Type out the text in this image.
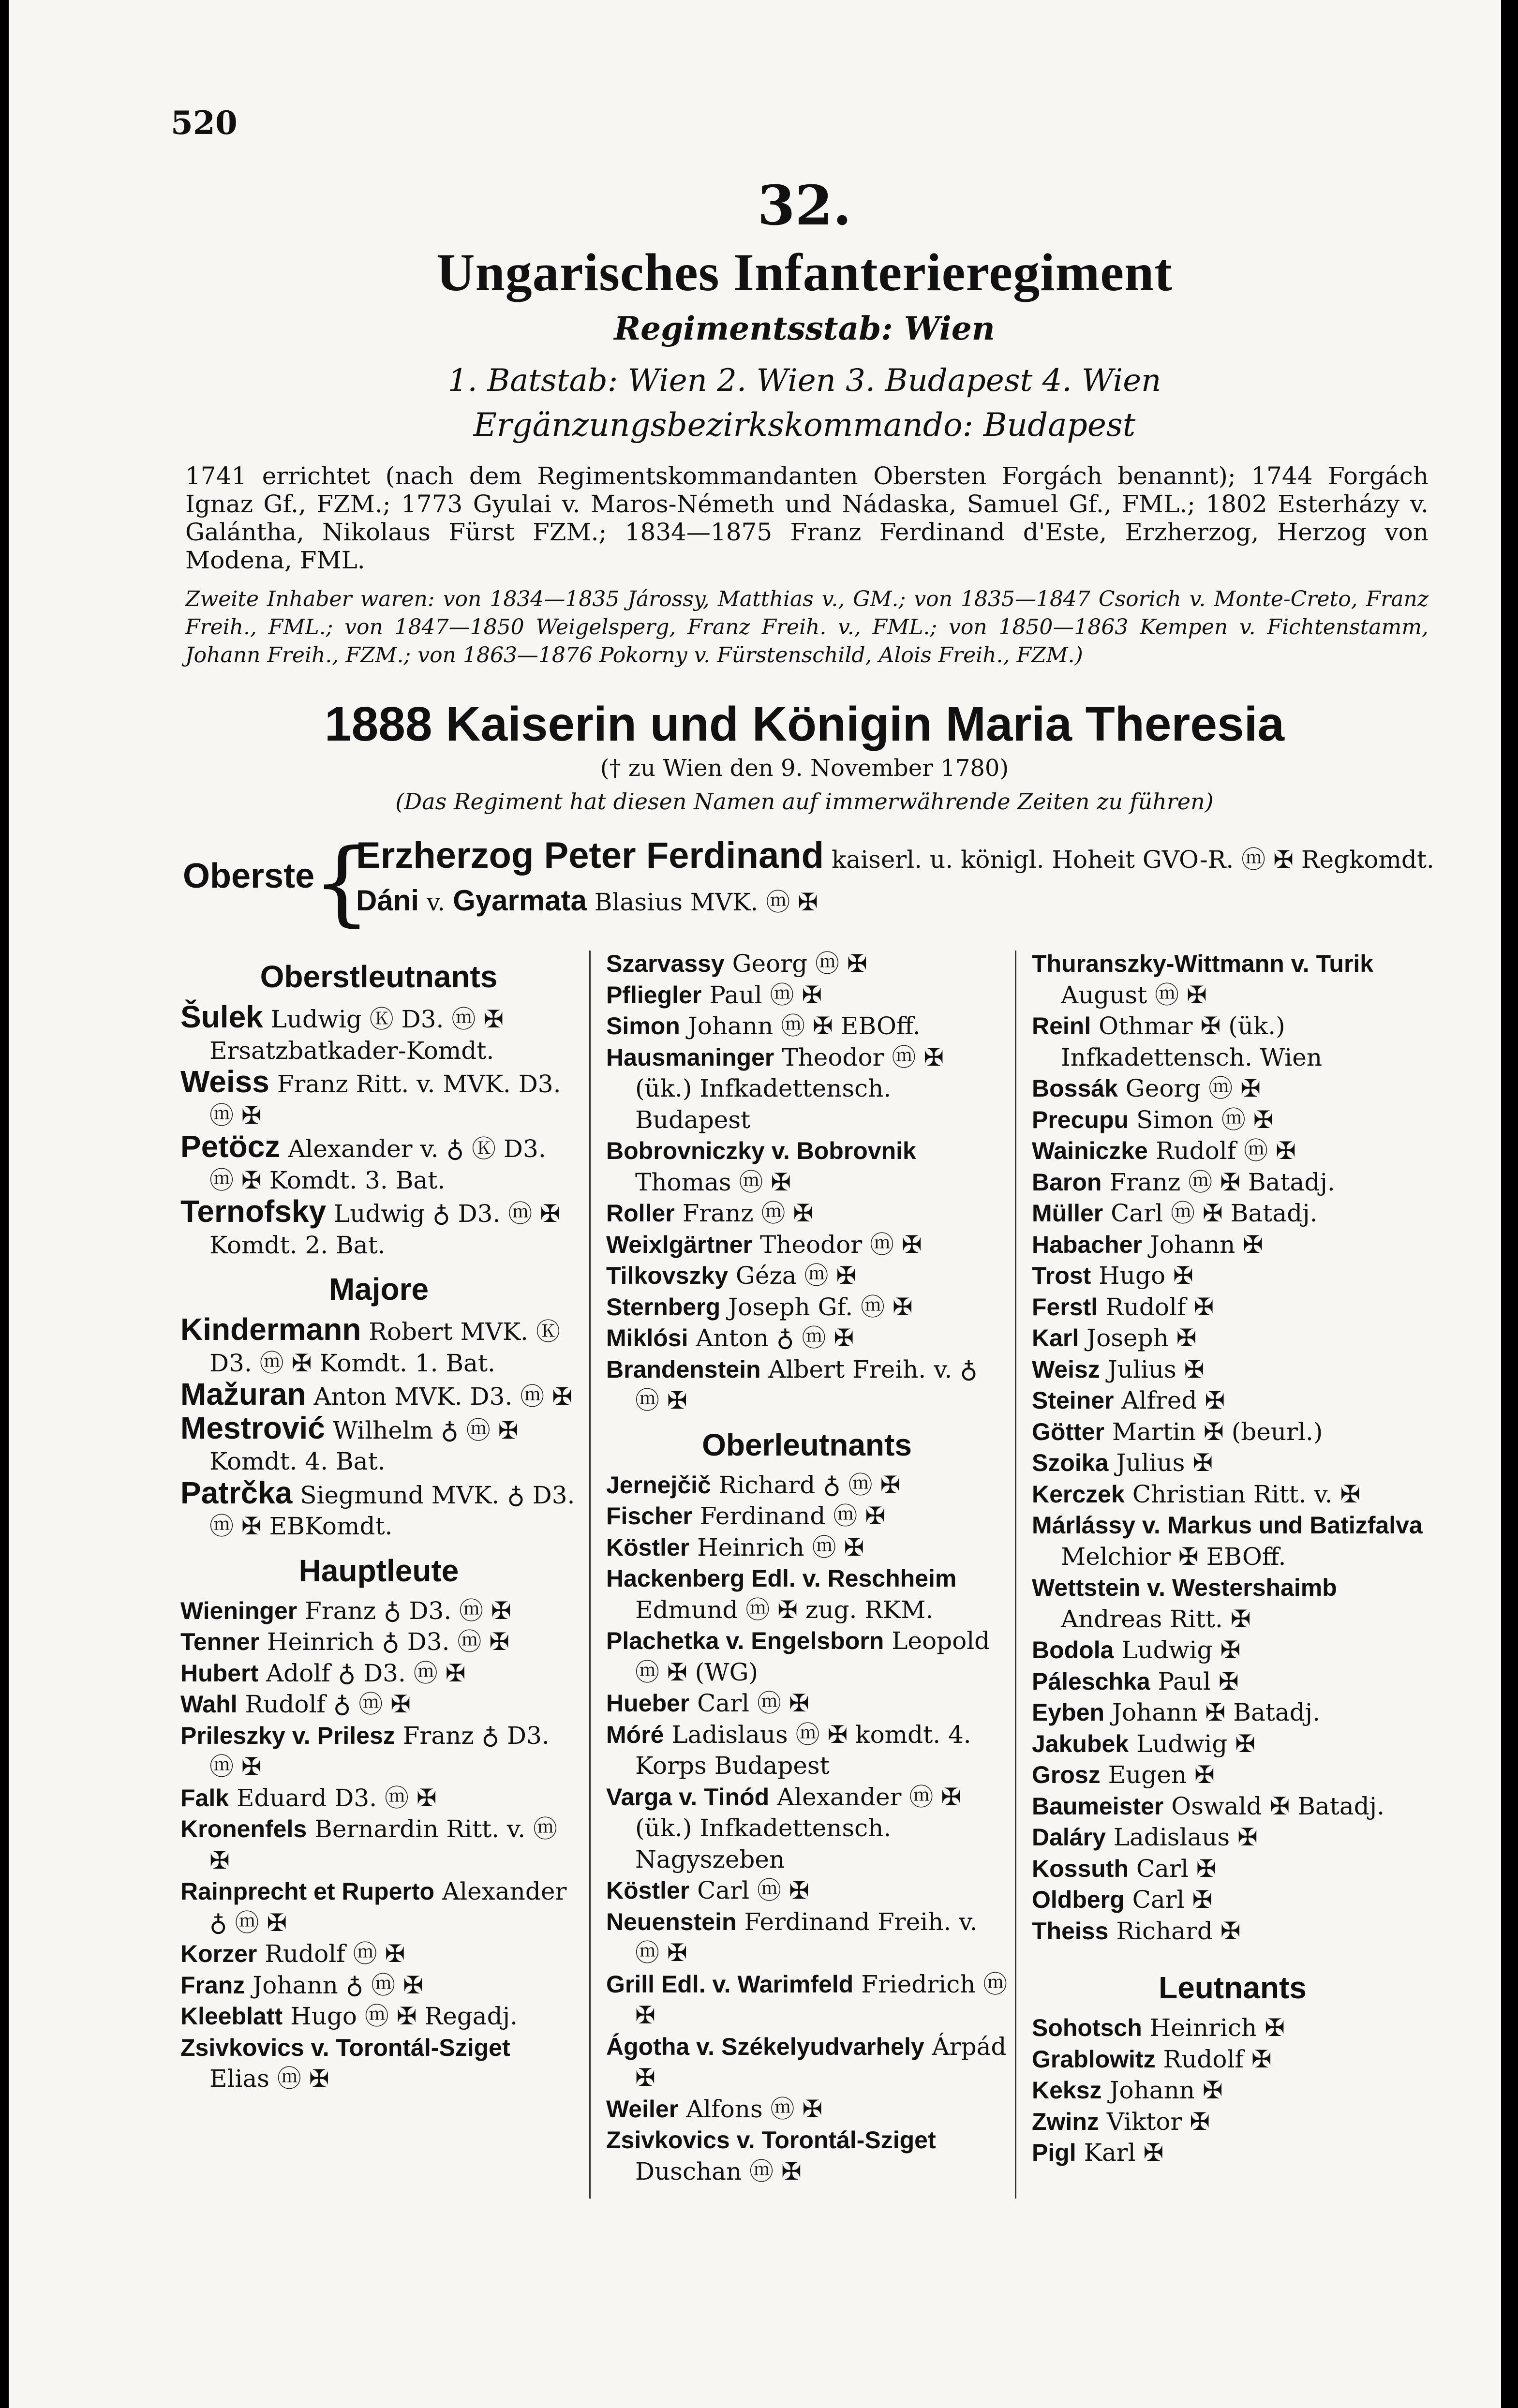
520
32.
Ungarisches Infanterieregiment
Regimentsstab: Wien
1. Batstab: Wien 2. Wien 3. Budapest 4. Wien
Ergänzungsbezirkskommando: Budapest
1741 errichtet (nach dem Regimentskommandanten Obersten Forgách benannt); 1744 Forgách Ignaz Gf., FZM.; 1773 Gyulai v. Maros-Németh und Nádaska, Samuel Gf., FML.; 1802 Esterházy v. Galántha, Nikolaus Fürst FZM.; 1834—1875 Franz Ferdinand d'Este, Erzherzog, Herzog von Modena, FML.
Zweite Inhaber waren: von 1834—1835 Járossy, Matthias v., GM.; von 1835—1847 Csorich v. Monte-Creto, Franz Freih., FML.; von 1847—1850 Weigelsperg, Franz Freih. v., FML.; von 1850—1863 Kempen v. Fichtenstamm, Johann Freih., FZM.; von 1863—1876 Pokorny v. Fürstenschild, Alois Freih., FZM.)
1888 Kaiserin und Königin Maria Theresia
(† zu Wien den 9. November 1780)
(Das Regiment hat diesen Namen auf immerwährende Zeiten zu führen)
Oberste
{
Erzherzog Peter Ferdinand kaiserl. u. königl. Hoheit GVO-R. ⓜ ✠ Regkomdt.
Dáni v. Gyarmata Blasius MVK. ⓜ ✠
Oberstleutnants

Šulek Ludwig Ⓚ D3. ⓜ ✠ Ersatzbatkader-Komdt.

Weiss Franz Ritt. v. MVK. D3. ⓜ ✠

Petöcz Alexander v. ♁ Ⓚ D3. ⓜ ✠ Komdt. 3. Bat.

Ternofsky Ludwig ♁ D3. ⓜ ✠ Komdt. 2. Bat.

Majore

Kindermann Robert MVK. Ⓚ D3. ⓜ ✠ Komdt. 1. Bat.

Mažuran Anton MVK. D3. ⓜ ✠

Mestrović Wilhelm ♁ ⓜ ✠ Komdt. 4. Bat.

Patrčka Siegmund MVK. ♁ D3. ⓜ ✠ EBKomdt.

Hauptleute

Wieninger Franz ♁ D3. ⓜ ✠

Tenner Heinrich ♁ D3. ⓜ ✠

Hubert Adolf ♁ D3. ⓜ ✠

Wahl Rudolf ♁ ⓜ ✠

Prileszky v. Prilesz Franz ♁ D3. ⓜ ✠

Falk Eduard D3. ⓜ ✠

Kronenfels Bernardin Ritt. v. ⓜ ✠

Rainprecht et Ruperto Alexander ♁ ⓜ ✠

Korzer Rudolf ⓜ ✠

Franz Johann ♁ ⓜ ✠

Kleeblatt Hugo ⓜ ✠ Regadj.

Zsivkovics v. Torontál-Sziget Elias ⓜ ✠

Szarvassy Georg ⓜ ✠

Pfliegler Paul ⓜ ✠

Simon Johann ⓜ ✠ EBOff.

Hausmaninger Theodor ⓜ ✠ (ük.) Infkadettensch. Budapest

Bobrovniczky v. Bobrovnik Thomas ⓜ ✠

Roller Franz ⓜ ✠

Weixlgärtner Theodor ⓜ ✠

Tilkovszky Géza ⓜ ✠

Sternberg Joseph Gf. ⓜ ✠

Miklósi Anton ♁ ⓜ ✠

Brandenstein Albert Freih. v. ♁ ⓜ ✠

Oberleutnants

Jernejčič Richard ♁ ⓜ ✠

Fischer Ferdinand ⓜ ✠

Köstler Heinrich ⓜ ✠

Hackenberg Edl. v. Reschheim Edmund ⓜ ✠ zug. RKM.

Plachetka v. Engelsborn Leopold ⓜ ✠ (WG)

Hueber Carl ⓜ ✠

Móré Ladislaus ⓜ ✠ komdt. 4. Korps Budapest

Varga v. Tinód Alexander ⓜ ✠ (ük.) Infkadettensch. Nagyszeben

Köstler Carl ⓜ ✠

Neuenstein Ferdinand Freih. v. ⓜ ✠

Grill Edl. v. Warimfeld Friedrich ⓜ ✠

Ágotha v. Székelyudvarhely Árpád ✠

Weiler Alfons ⓜ ✠

Zsivkovics v. Torontál-Sziget Duschan ⓜ ✠

Thuranszky-Wittmann v. Turik August ⓜ ✠

Reinl Othmar ✠ (ük.) Infkadettensch. Wien

Bossák Georg ⓜ ✠

Precupu Simon ⓜ ✠

Wainiczke Rudolf ⓜ ✠

Baron Franz ⓜ ✠ Batadj.

Müller Carl ⓜ ✠ Batadj.

Habacher Johann ✠

Trost Hugo ✠

Ferstl Rudolf ✠

Karl Joseph ✠

Weisz Julius ✠

Steiner Alfred ✠

Götter Martin ✠ (beurl.)

Szoika Julius ✠

Kerczek Christian Ritt. v. ✠

Márlássy v. Markus und Batizfalva Melchior ✠ EBOff.

Wettstein v. Westershaimb Andreas Ritt. ✠

Bodola Ludwig ✠

Páleschka Paul ✠

Eyben Johann ✠ Batadj.

Jakubek Ludwig ✠

Grosz Eugen ✠

Baumeister Oswald ✠ Batadj.

Daláry Ladislaus ✠

Kossuth Carl ✠

Oldberg Carl ✠

Theiss Richard ✠

Leutnants

Sohotsch Heinrich ✠

Grablowitz Rudolf ✠

Keksz Johann ✠

Zwinz Viktor ✠

Pigl Karl ✠
